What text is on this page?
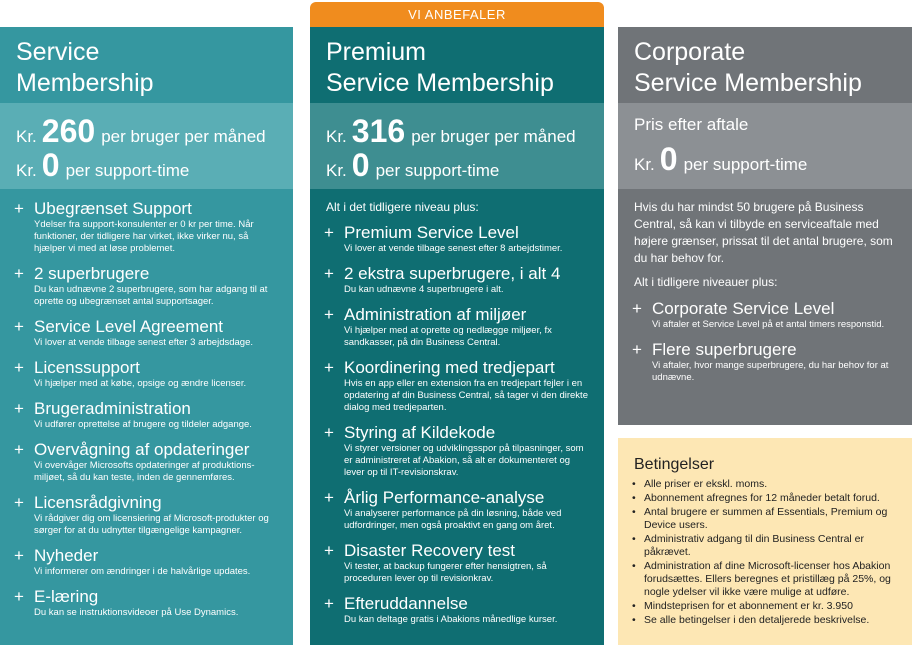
VI ANBEFALER
Service
Membership
Kr. 260 per bruger per måned
Kr. 0 per support-time
+ Ubegrænset Support
Ydelser fra support-konsulenter er 0 kr per time. Når funktioner, der tidligere har virket, ikke virker nu, så hjælper vi med at løse problemet.
+ 2 superbrugere
Du kan udnævne 2 superbrugere, som har adgang til at oprette og ubegrænset antal supportsager.
+ Service Level Agreement
Vi lover at vende tilbage senest efter 3 arbejdsdage.
+ Licenssupport
Vi hjælper med at købe, opsige og ændre licenser.
+ Brugeradministration
Vi udfører oprettelse af brugere og tildeler adgange.
+ Overvågning af opdateringer
Vi overvåger Microsofts opdateringer af produktions-miljøet, så du kan teste, inden de gennemføres.
+ Licensrådgivning
Vi rådgiver dig om licensiering af Microsoft-produkter og sørger for at du udnytter tilgængelige kampagner.
+ Nyheder
Vi informerer om ændringer i de halvårlige updates.
+ E-læring
Du kan se instruktionsvideoer på Use Dynamics.
Premium
Service Membership
Kr. 316 per bruger per måned
Kr. 0 per support-time
Alt i det tidligere niveau plus:
+ Premium Service Level
Vi lover at vende tilbage senest efter 8 arbejdstimer.
+ 2 ekstra superbrugere, i alt 4
Du kan udnævne 4 superbrugere i alt.
+ Administration af miljøer
Vi hjælper med at oprette og nedlægge miljøer, fx sandkasser, på din Business Central.
+ Koordinering med tredjepart
Hvis en app eller en extension fra en tredjepart fejler i en opdatering af din Business Central, så tager vi den direkte dialog med tredjeparten.
+ Styring af Kildekode
Vi styrer versioner og udviklingsspor på tilpasninger, som er administreret af Abakion, så alt er dokumenteret og lever op til IT-revisionskrav.
+ Årlig Performance-analyse
Vi analyserer performance på din løsning, både ved udfordringer, men også proaktivt en gang om året.
+ Disaster Recovery test
Vi tester, at backup fungerer efter hensigtren, så proceduren lever op til revisionkrav.
+ Efteruddannelse
Du kan deltage gratis i Abakions månedlige kurser.
Corporate
Service Membership
Pris efter aftale
Kr. 0 per support-time
Hvis du har mindst 50 brugere på Business Central, så kan vi tilbyde en serviceaftale med højere grænser, prissat til det antal brugere, som du har behov for.
Alt i tidligere niveauer plus:
+ Corporate Service Level
Vi aftaler et Service Level på et antal timers responstid.
+ Flere superbrugere
Vi aftaler, hvor mange superbrugere, du har behov for at udnævne.
Betingelser
• Alle priser er ekskl. moms.
• Abonnement afregnes for 12 måneder betalt forud.
• Antal brugere er summen af Essentials, Premium og Device users.
• Administrativ adgang til din Business Central er påkrævet.
• Administration af dine Microsoft-licenser hos Abakion forudsættes. Ellers beregnes et pristillæg på 25%, og nogle ydelser vil ikke være mulige at udføre.
• Mindsteprisen for et abonnement er kr. 3.950
• Se alle betingelser i den detaljerede beskrivelse.
